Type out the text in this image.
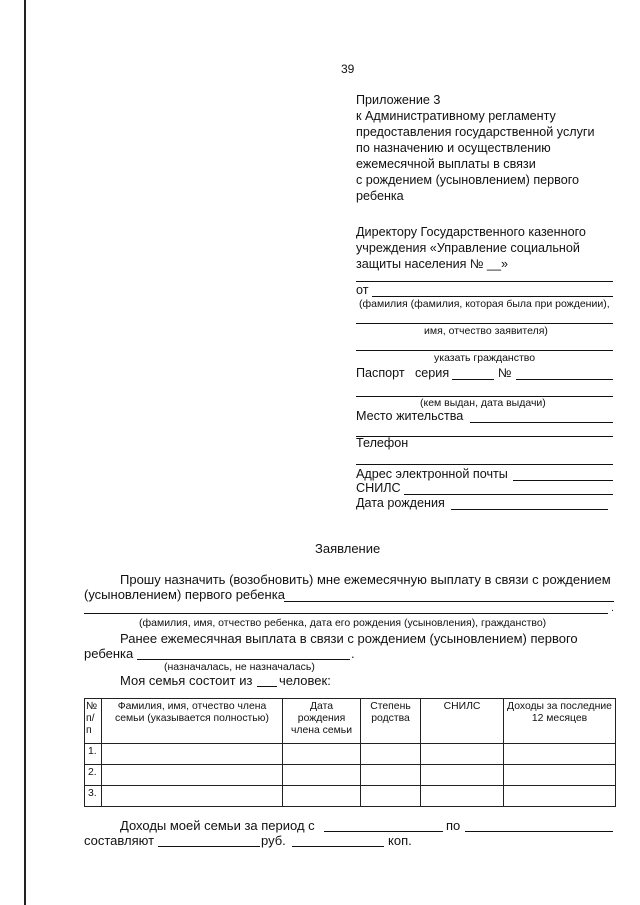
39
Приложение 3
к Административному регламенту
предоставления государственной услуги
по назначению и осуществлению
ежемесячной выплаты в связи
с рождением (усыновлением) первого
ребенка
Директору Государственного казенного
учреждения «Управление социальной
защиты населения № __»
от
(фамилия (фамилия, которая была при рождении),
имя, отчество заявителя)
указать гражданство
Паспорт серия	№
(кем выдан, дата выдачи)
Место жительства
Телефон
Адрес электронной почты
СНИЛС
Дата рождения
Заявление
Прошу назначить (возобновить) мне ежемесячную выплату в связи с рождением
(усыновлением) первого ребенка
.
(фамилия, имя, отчество ребенка, дата его рождения (усыновления), гражданство)
Ранее ежемесячная выплата в связи с рождением (усыновлением) первого
ребенка	.
(назначалась, не назначалась)
Моя семья состоит из человек:
№ п/п	Фамилия, имя, отчество члена семьи (указывается полностью)	Дата рождения члена семьи	Степень родства	СНИЛС	Доходы за последние 12 месяцев
1.					
2.					
3.					
Доходы моей семьи за период с	по
составляют	руб.	коп.
